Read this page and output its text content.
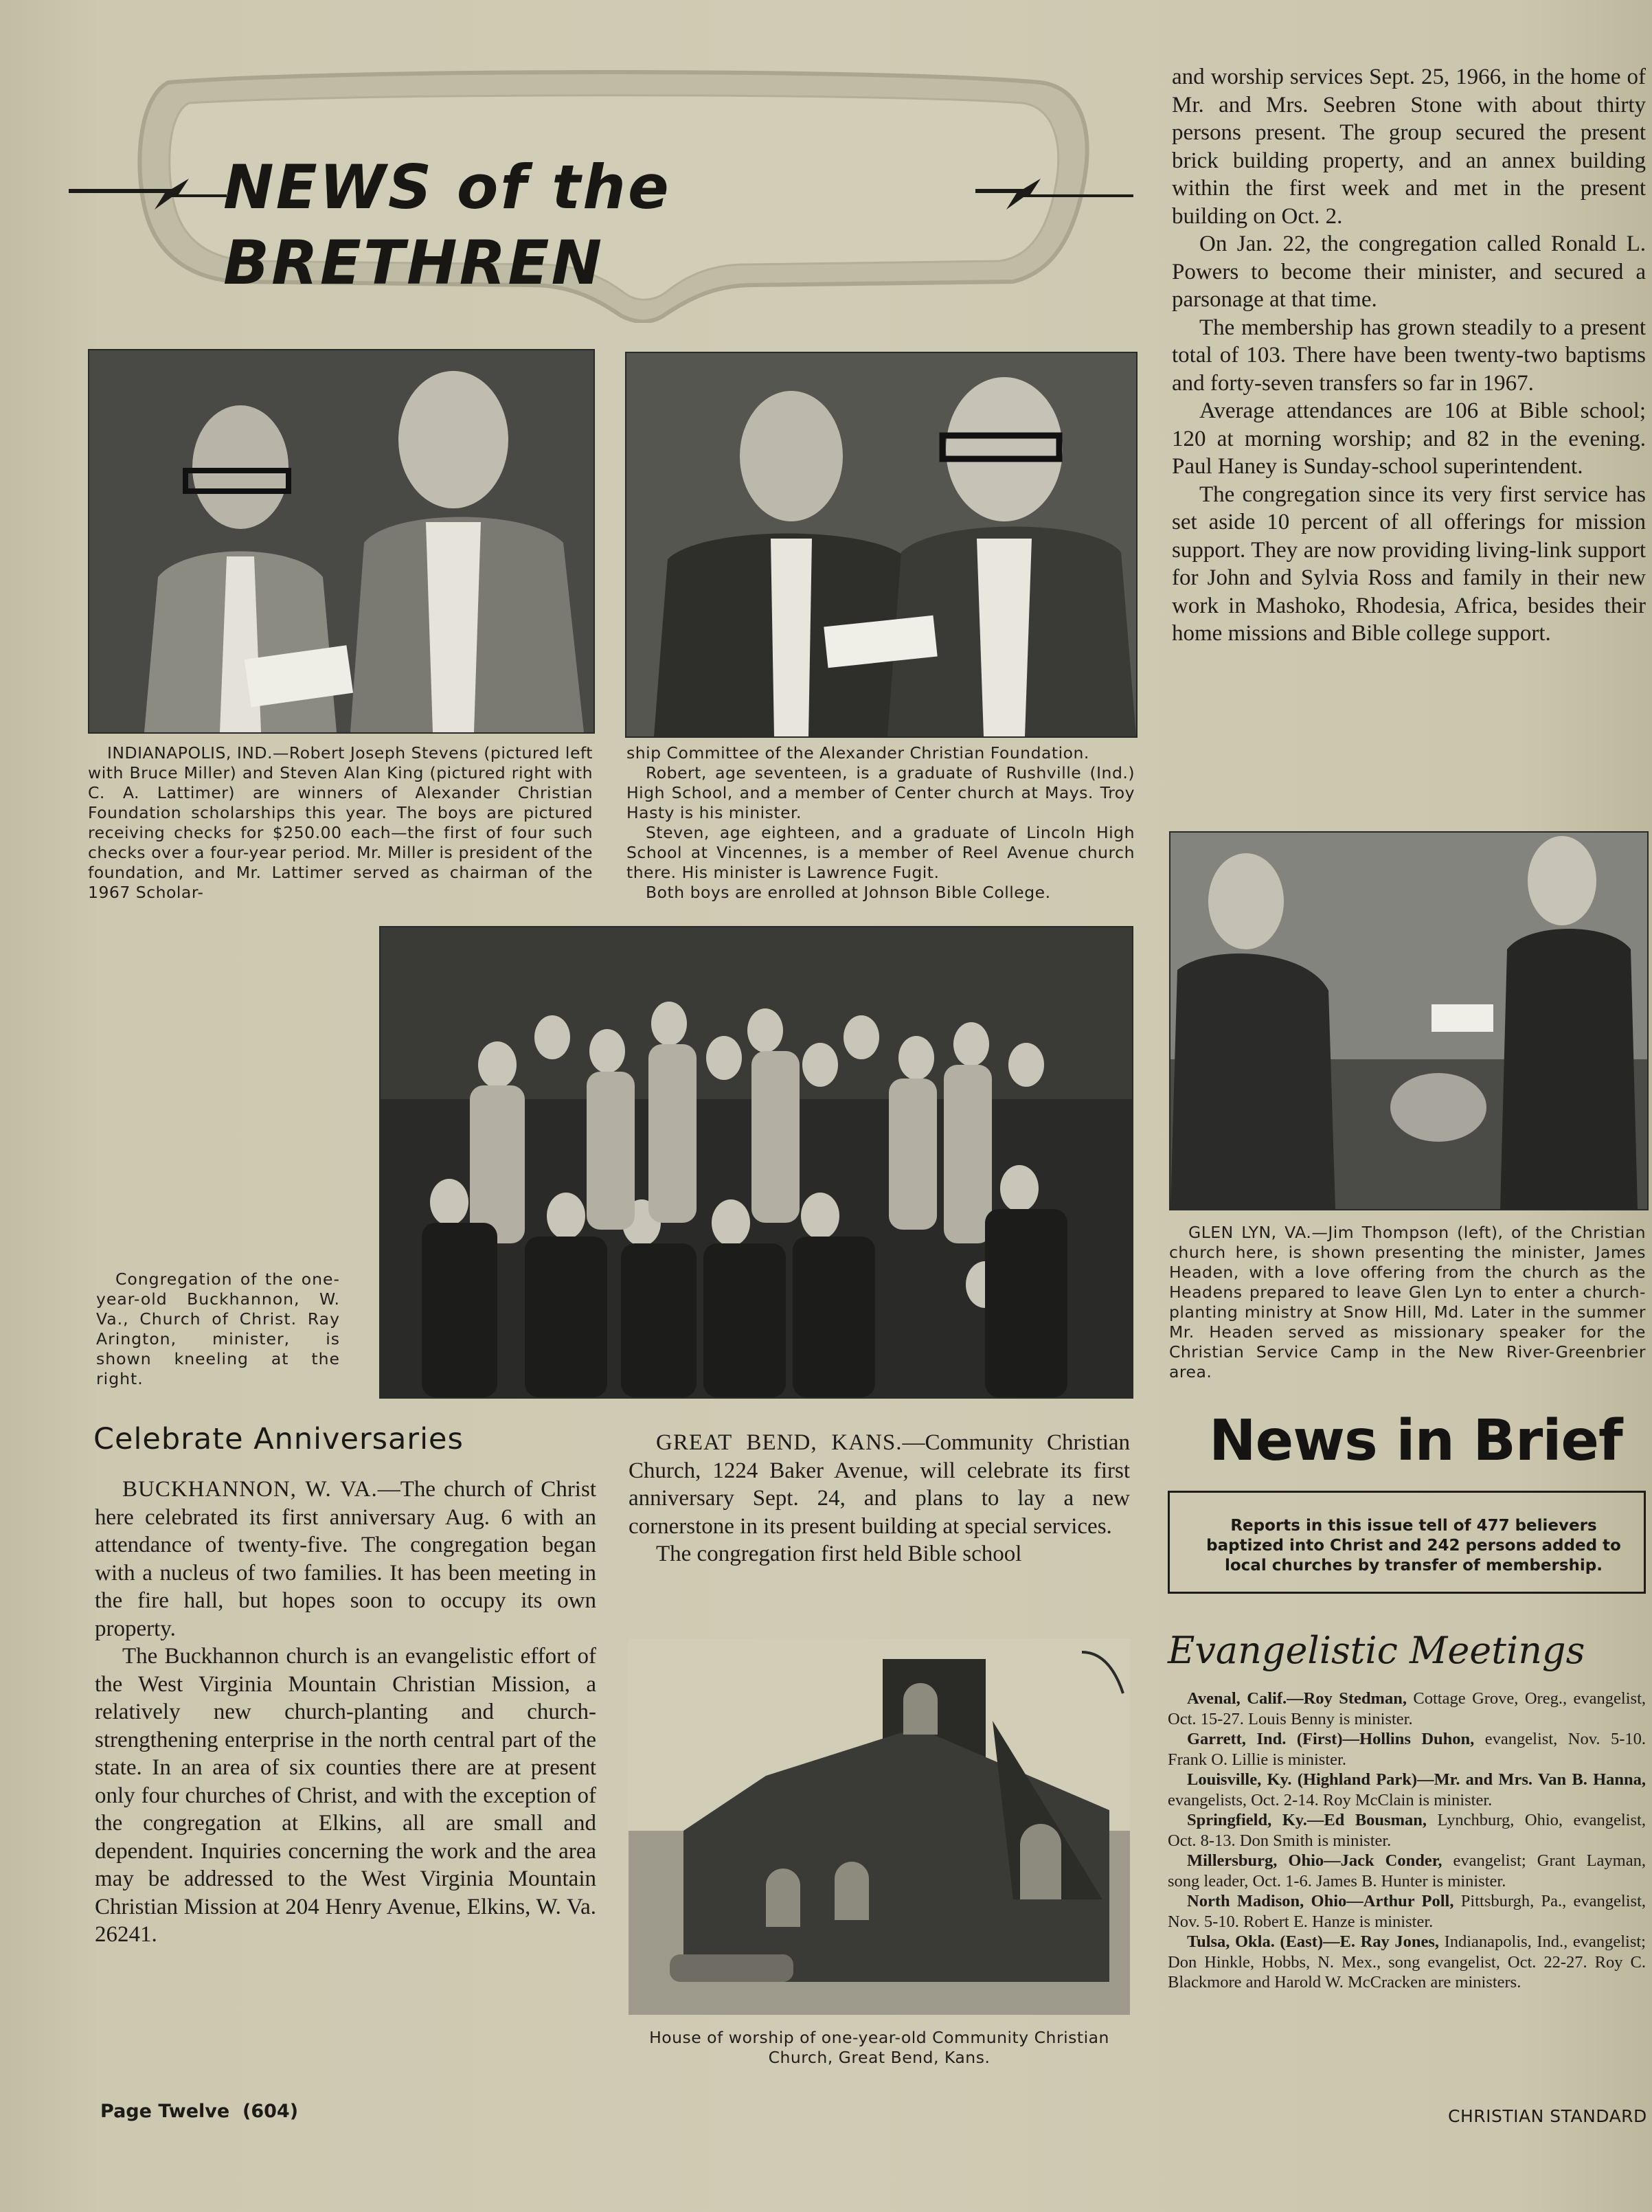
NEWS of the BRETHREN

INDIANAPOLIS, IND.—Robert Joseph Stevens (pictured left with Bruce Miller) and Steven Alan King (pictured right with C. A. Lattimer) are winners of Alexander Christian Foundation scholarships this year. The boys are pictured receiving checks for $250.00 each—the first of four such checks over a four-year period. Mr. Miller is president of the foundation, and Mr. Lattimer served as chairman of the 1967 Scholar-

ship Committee of the Alexander Christian Foundation.

Robert, age seventeen, is a graduate of Rushville (Ind.) High School, and a member of Center church at Mays. Troy Hasty is his minister.

Steven, age eighteen, and a graduate of Lincoln High School at Vincennes, is a member of Reel Avenue church there. His minister is Lawrence Fugit.

Both boys are enrolled at Johnson Bible College.

and worship services Sept. 25, 1966, in the home of Mr. and Mrs. Seebren Stone with about thirty persons present. The group secured the present brick building property, and an annex building within the first week and met in the present building on Oct. 2.

On Jan. 22, the congregation called Ronald L. Powers to become their minister, and secured a parsonage at that time.

The membership has grown steadily to a present total of 103. There have been twenty-two baptisms and forty-seven transfers so far in 1967.

Average attendances are 106 at Bible school; 120 at morning worship; and 82 in the evening. Paul Haney is Sunday-school superintendent.

The congregation since its very first service has set aside 10 percent of all offerings for mission support. They are now providing living-link support for John and Sylvia Ross and family in their new work in Mashoko, Rhodesia, Africa, besides their home missions and Bible college support.

GLEN LYN, VA.—Jim Thompson (left), of the Christian church here, is shown presenting the minister, James Headen, with a love offering from the church as the Headens prepared to leave Glen Lyn to enter a church-planting ministry at Snow Hill, Md. Later in the summer Mr. Headen served as missionary speaker for the Christian Service Camp in the New River-Greenbrier area.

Congregation of the one-year-old Buckhannon, W. Va., Church of Christ. Ray Arington, minister, is shown kneeling at the right.

Celebrate Anniversaries

BUCKHANNON, W. VA.—The church of Christ here celebrated its first anniversary Aug. 6 with an attendance of twenty-five. The congregation began with a nucleus of two families. It has been meeting in the fire hall, but hopes soon to occupy its own property.

The Buckhannon church is an evangelistic effort of the West Virginia Mountain Christian Mission, a relatively new church-planting and church-strengthening enterprise in the north central part of the state. In an area of six counties there are at present only four churches of Christ, and with the exception of the congregation at Elkins, all are small and dependent. Inquiries concerning the work and the area may be addressed to the West Virginia Mountain Christian Mission at 204 Henry Avenue, Elkins, W. Va. 26241.

GREAT BEND, KANS.—Community Christian Church, 1224 Baker Avenue, will celebrate its first anniversary Sept. 24, and plans to lay a new cornerstone in its present building at special services.

The congregation first held Bible school

House of worship of one-year-old Community Christian Church, Great Bend, Kans.

News in Brief
Reports in this issue tell of 477 believers baptized into Christ and 242 persons added to local churches by transfer of membership.
Evangelistic Meetings

Avenal, Calif.—Roy Stedman, Cottage Grove, Oreg., evangelist, Oct. 15-27. Louis Benny is minister.

Garrett, Ind. (First)—Hollins Duhon, evangelist, Nov. 5-10. Frank O. Lillie is minister.

Louisville, Ky. (Highland Park)—Mr. and Mrs. Van B. Hanna, evangelists, Oct. 2-14. Roy McClain is minister.

Springfield, Ky.—Ed Bousman, Lynchburg, Ohio, evangelist, Oct. 8-13. Don Smith is minister.

Millersburg, Ohio—Jack Conder, evangelist; Grant Layman, song leader, Oct. 1-6. James B. Hunter is minister.

North Madison, Ohio—Arthur Poll, Pittsburgh, Pa., evangelist, Nov. 5-10. Robert E. Hanze is minister.

Tulsa, Okla. (East)—E. Ray Jones, Indianapolis, Ind., evangelist; Don Hinkle, Hobbs, N. Mex., song evangelist, Oct. 22-27. Roy C. Blackmore and Harold W. McCracken are ministers.

Page Twelve  (604)	CHRISTIAN STANDARD
